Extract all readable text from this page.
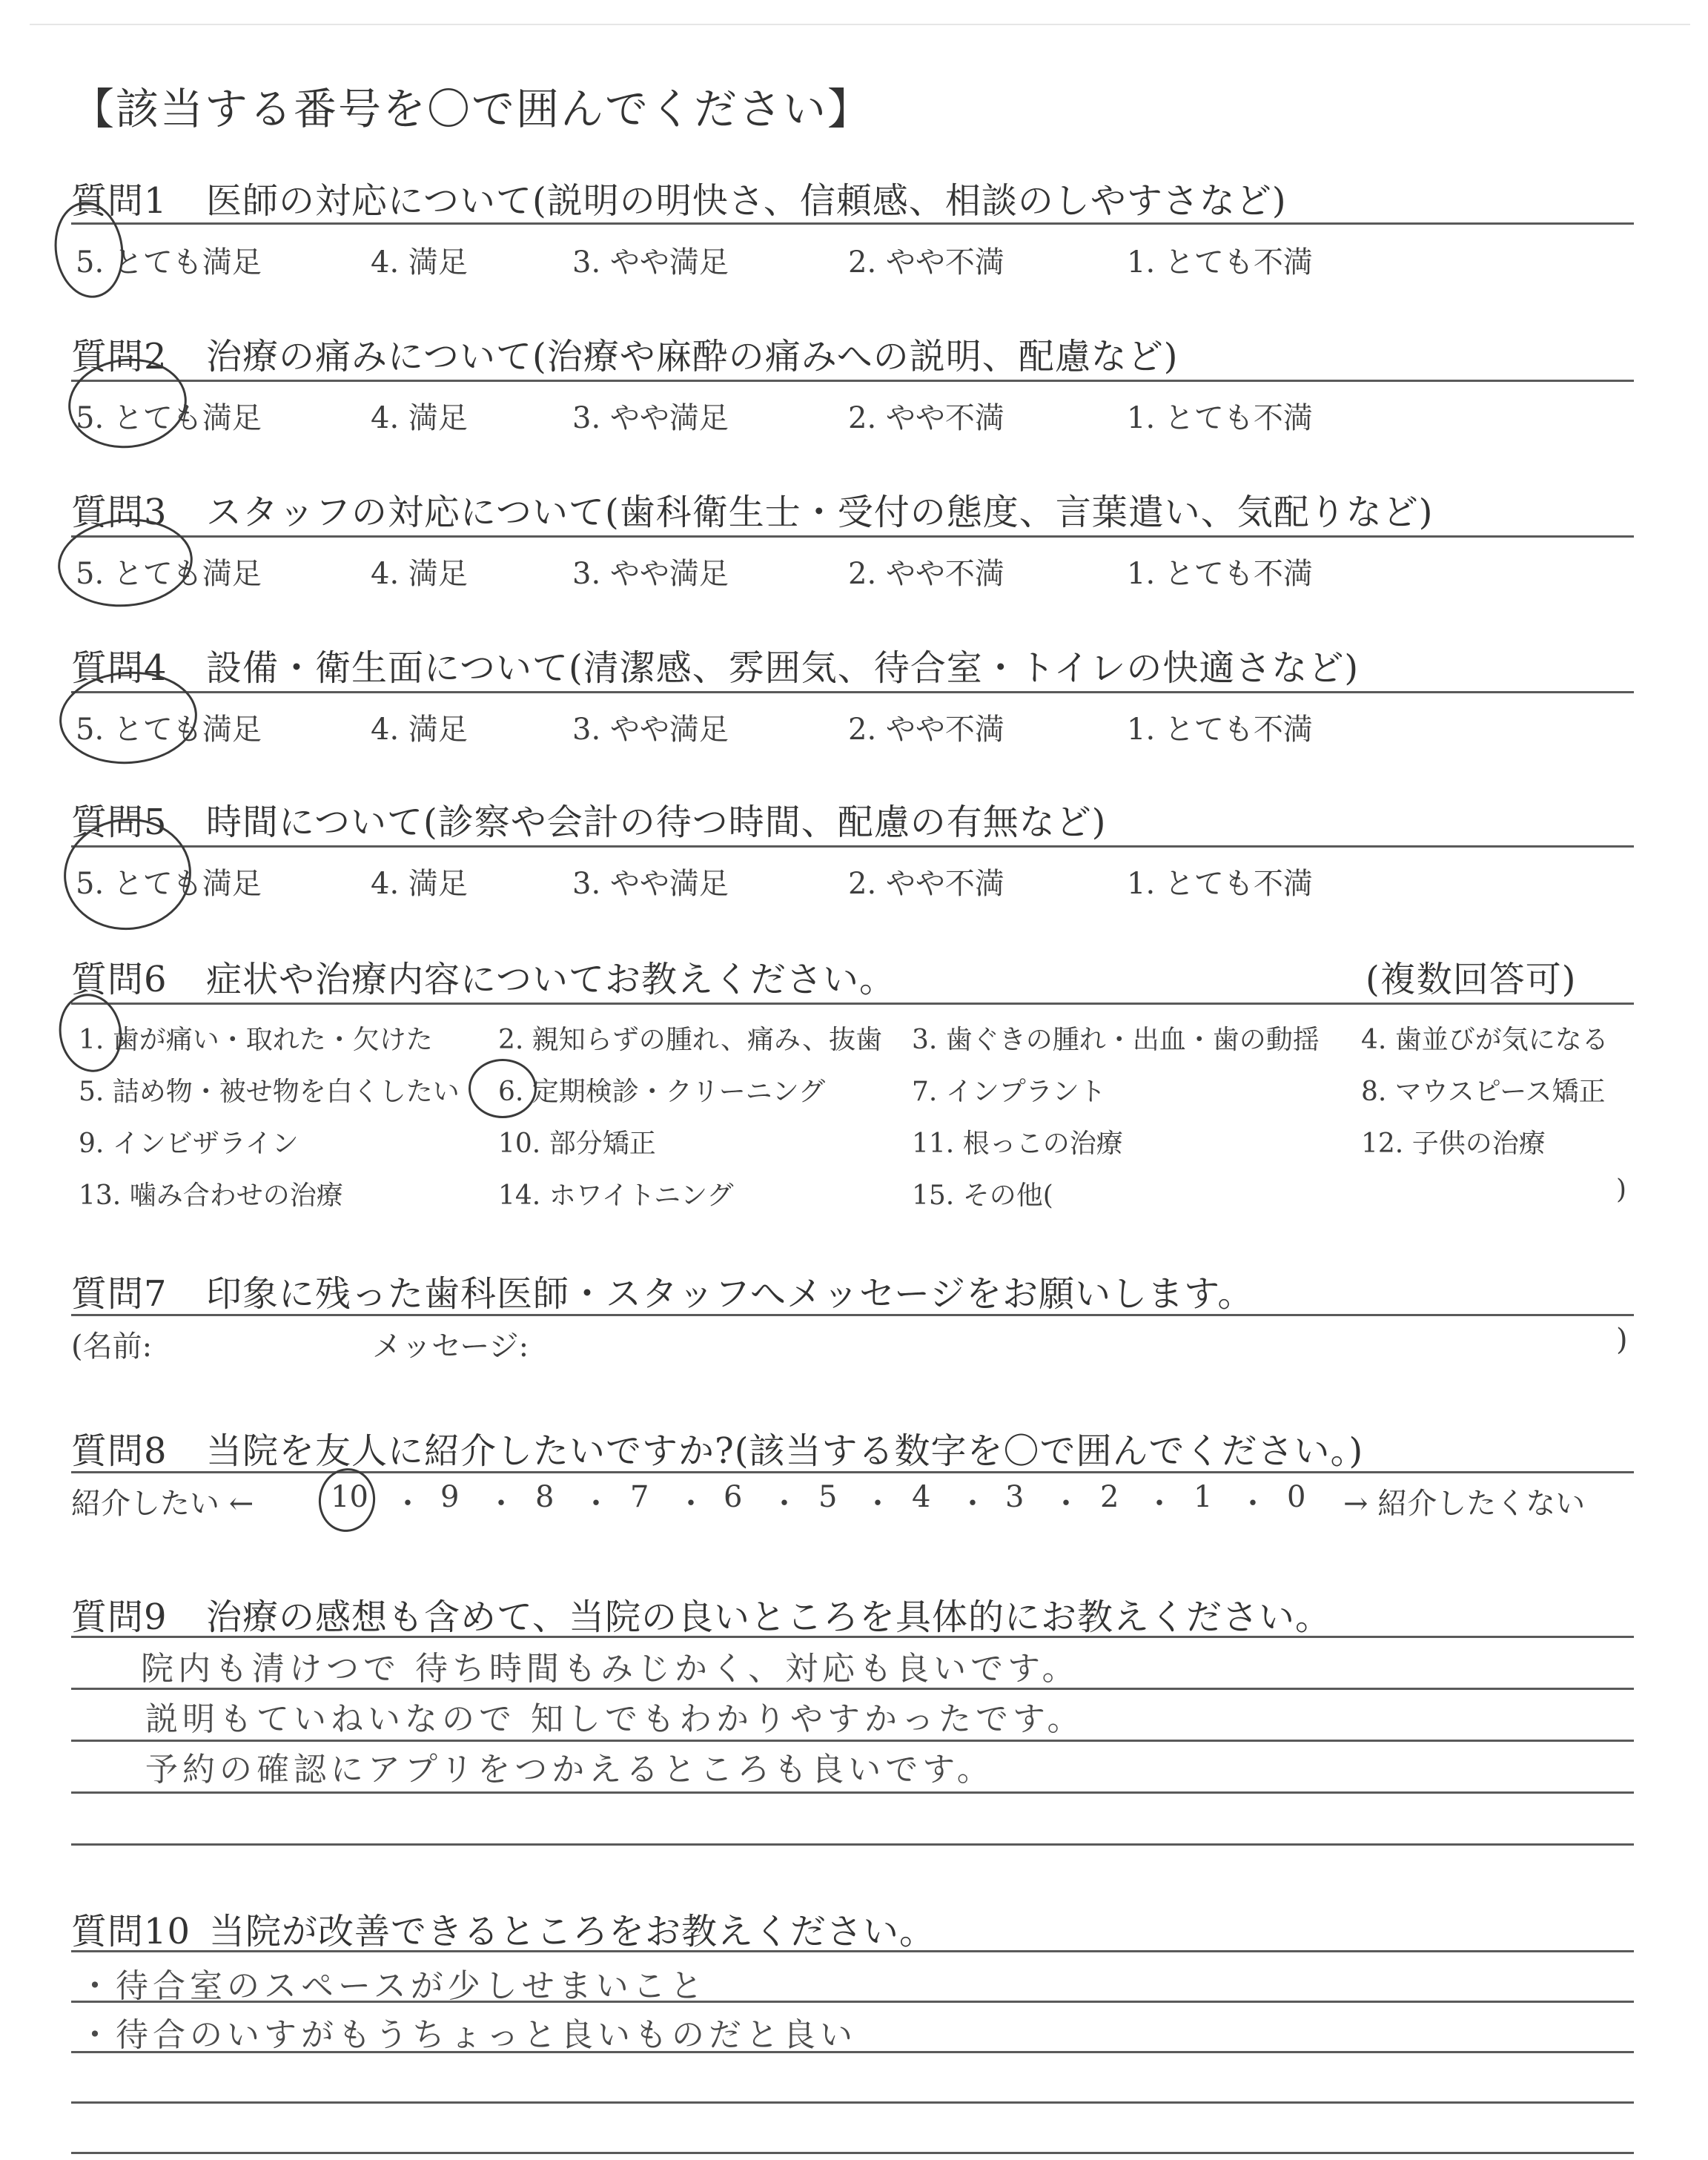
【該当する番号を〇で囲んでください】
質問1 医師の対応について(説明の明快さ、信頼感、相談のしやすさなど)
5. とても満足	4. 満足	3. やや満足	2. やや不満	1. とても不満
質問2 治療の痛みについて(治療や麻酔の痛みへの説明、配慮など)
5. とても満足	4. 満足	3. やや満足	2. やや不満	1. とても不満
質問3 スタッフの対応について(歯科衛生士・受付の態度、言葉遣い、気配りなど)
5. とても満足	4. 満足	3. やや満足	2. やや不満	1. とても不満
質問4 設備・衛生面について(清潔感、雰囲気、待合室・トイレの快適さなど)
5. とても満足	4. 満足	3. やや満足	2. やや不満	1. とても不満
質問5 時間について(診察や会計の待つ時間、配慮の有無など)
5. とても満足	4. 満足	3. やや満足	2. やや不満	1. とても不満
質問6 症状や治療内容についてお教えください。	(複数回答可)
1. 歯が痛い・取れた・欠けた 2. 親知らずの腫れ、痛み、抜歯 3. 歯ぐきの腫れ・出血・歯の動揺 4. 歯並びが気になる
5. 詰め物・被せ物を白くしたい 6. 定期検診・クリーニング	7. インプラント	8. マウスピース矯正
9. インビザライン	10. 部分矯正	11. 根っこの治療	12. 子供の治療
13. 噛み合わせの治療	14. ホワイトニング	15. その他(	)
質問7 印象に残った歯科医師・スタッフへメッセージをお願いします。
(名前:	メッセージ:	)
質問8 当院を友人に紹介したいですか?(該当する数字を〇で囲んでください。)
紹介したい ←	10 ・ 9 ・ 8 ・ 7 ・ 6 ・ 5 ・ 4 ・ 3 ・ 2 ・ 1 ・ 0 → 紹介したくない
質問9 治療の感想も含めて、当院の良いところを具体的にお教えください。
院内も清けつで 待ち時間もみじかく、対応も良いです。
説明もていねいなので 知しでもわかりやすかったです。
予約の確認にアプリをつかえるところも良いです。
質問10 当院が改善できるところをお教えください。
・待合室のスペースが少しせまいこと
・待合のいすがもうちょっと良いものだと良い
